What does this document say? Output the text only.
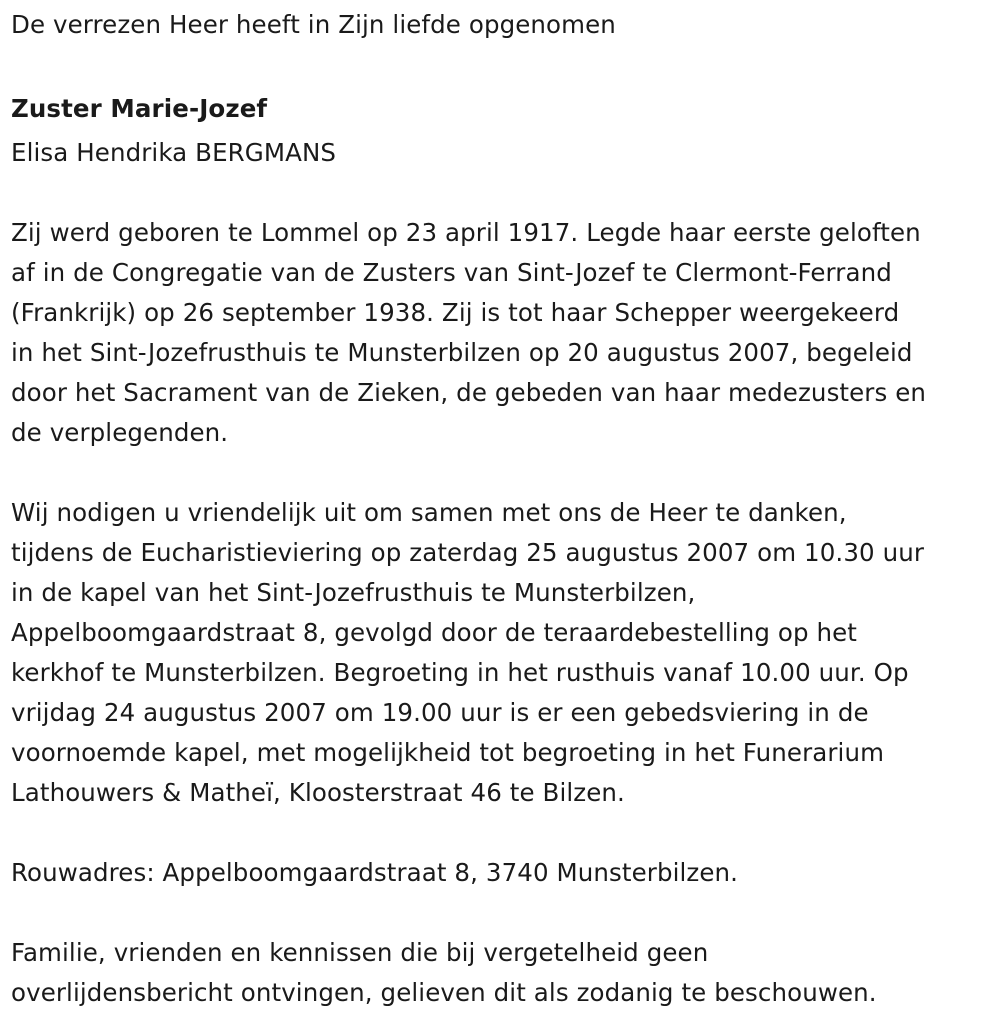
De verrezen Heer heeft in Zijn liefde opgenomen
Zuster Marie-Jozef
Elisa Hendrika BERGMANS
Zij werd geboren te Lommel op 23 april 1917. Legde haar eerste geloften
af in de Congregatie van de Zusters van Sint-Jozef te Clermont-Ferrand
(Frankrijk) op 26 september 1938. Zij is tot haar Schepper weergekeerd
in het Sint-Jozefrusthuis te Munsterbilzen op 20 augustus 2007, begeleid
door het Sacrament van de Zieken, de gebeden van haar medezusters en
de verplegenden.
Wij nodigen u vriendelijk uit om samen met ons de Heer te danken,
tijdens de Eucharistieviering op zaterdag 25 augustus 2007 om 10.30 uur
in de kapel van het Sint-Jozefrusthuis te Munsterbilzen,
Appelboomgaardstraat 8, gevolgd door de teraardebestelling op het
kerkhof te Munsterbilzen. Begroeting in het rusthuis vanaf 10.00 uur. Op
vrijdag 24 augustus 2007 om 19.00 uur is er een gebedsviering in de
voornoemde kapel, met mogelijkheid tot begroeting in het Funerarium
Lathouwers & Matheï, Kloosterstraat 46 te Bilzen.
Rouwadres: Appelboomgaardstraat 8, 3740 Munsterbilzen.
Familie, vrienden en kennissen die bij vergetelheid geen
overlijdensbericht ontvingen, gelieven dit als zodanig te beschouwen.
